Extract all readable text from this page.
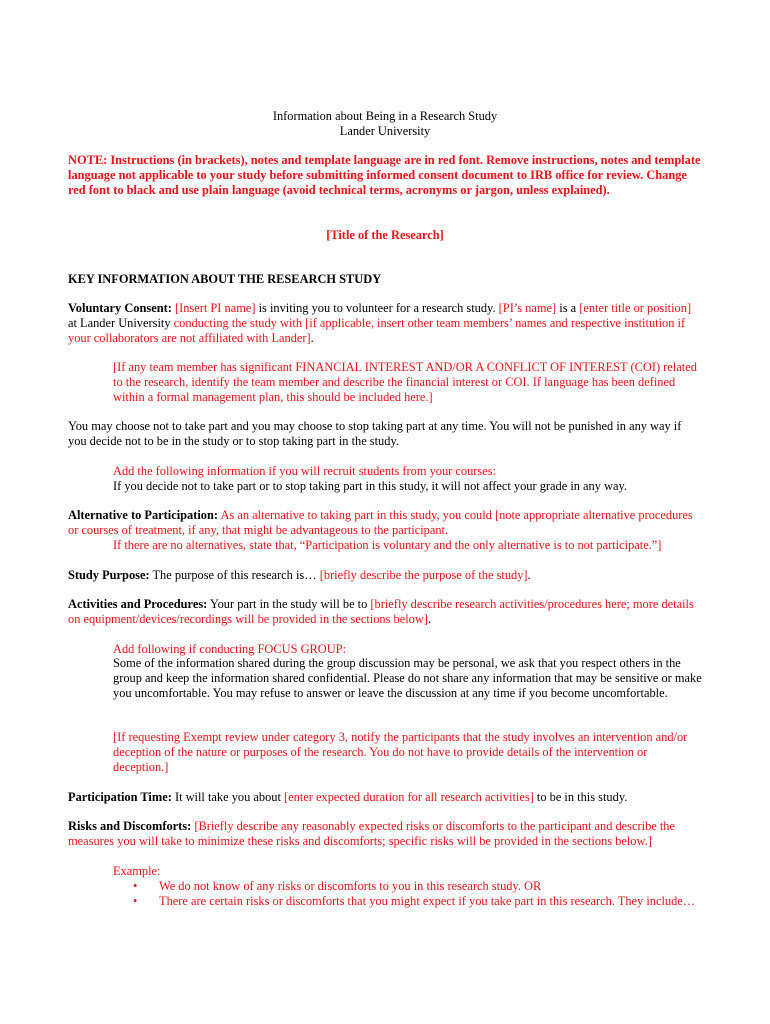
Information about Being in a Research Study

Lander University

NOTE: Instructions (in brackets), notes and template language are in red font. Remove instructions, notes and template language not applicable to your study before submitting informed consent document to IRB office for review. Change red font to black and use plain language (avoid technical terms, acronyms or jargon, unless explained).

[Title of the Research]

KEY INFORMATION ABOUT THE RESEARCH STUDY

Voluntary Consent: [Insert PI name] is inviting you to volunteer for a research study. [PI’s name] is a [enter title or position] at Lander University conducting the study with [if applicable, insert other team members’ names and respective institution if your collaborators are not affiliated with Lander].

[If any team member has significant FINANCIAL INTEREST AND/OR A CONFLICT OF INTEREST (COI) related to the research, identify the team member and describe the financial interest or COI. If language has been defined within a formal management plan, this should be included here.]

You may choose not to take part and you may choose to stop taking part at any time. You will not be punished in any way if you decide not to be in the study or to stop taking part in the study.

Add the following information if you will recruit students from your courses:

If you decide not to take part or to stop taking part in this study, it will not affect your grade in any way.

Alternative to Participation: As an alternative to taking part in this study, you could [note appropriate alternative procedures or courses of treatment, if any, that might be advantageous to the participant.

If there are no alternatives, state that, “Participation is voluntary and the only alternative is to not participate.”]

Study Purpose: The purpose of this research is… [briefly describe the purpose of the study].

Activities and Procedures: Your part in the study will be to [briefly describe research activities/procedures here; more details on equipment/devices/recordings will be provided in the sections below].

Add following if conducting FOCUS GROUP:

Some of the information shared during the group discussion may be personal, we ask that you respect others in the group and keep the information shared confidential. Please do not share any information that may be sensitive or make you uncomfortable. You may refuse to answer or leave the discussion at any time if you become uncomfortable.

[If requesting Exempt review under category 3, notify the participants that the study involves an intervention and/or deception of the nature or purposes of the research. You do not have to provide details of the intervention or deception.]

Participation Time: It will take you about [enter expected duration for all research activities] to be in this study.

Risks and Discomforts: [Briefly describe any reasonably expected risks or discomforts to the participant and describe the measures you will take to minimize these risks and discomforts; specific risks will be provided in the sections below.]

Example:

•	We do not know of any risks or discomforts to you in this research study. OR
•	There are certain risks or discomforts that you might expect if you take part in this research. They include…
